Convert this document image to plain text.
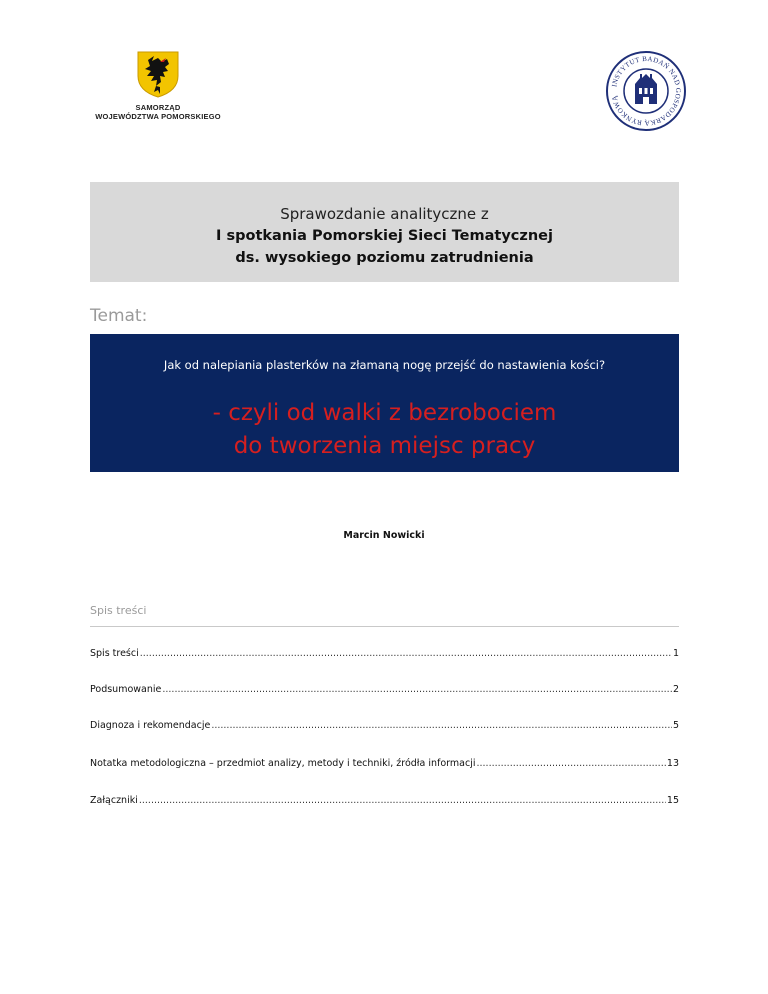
SAMORZĄD
WOJEWÓDZTWA POMORSKIEGO
INSTYTUT BADAŃ NAD GOSPODARKĄ RYNKOWĄ
Sprawozdanie analityczne z
I spotkania Pomorskiej Sieci Tematycznej
ds. wysokiego poziomu zatrudnienia
Temat:
Jak od nalepiania plasterków na złamaną nogę przejść do nastawienia kości?
- czyli od walki z bezrobociem
do tworzenia miejsc pracy
Marcin Nowicki
Spis treści
Spis treści .....	1
Podsumowanie .....	2
Diagnoza i rekomendacje .....	5
Notatka metodologiczna – przedmiot analizy, metody i techniki, źródła informacji .....	13
Załączniki .....	15
